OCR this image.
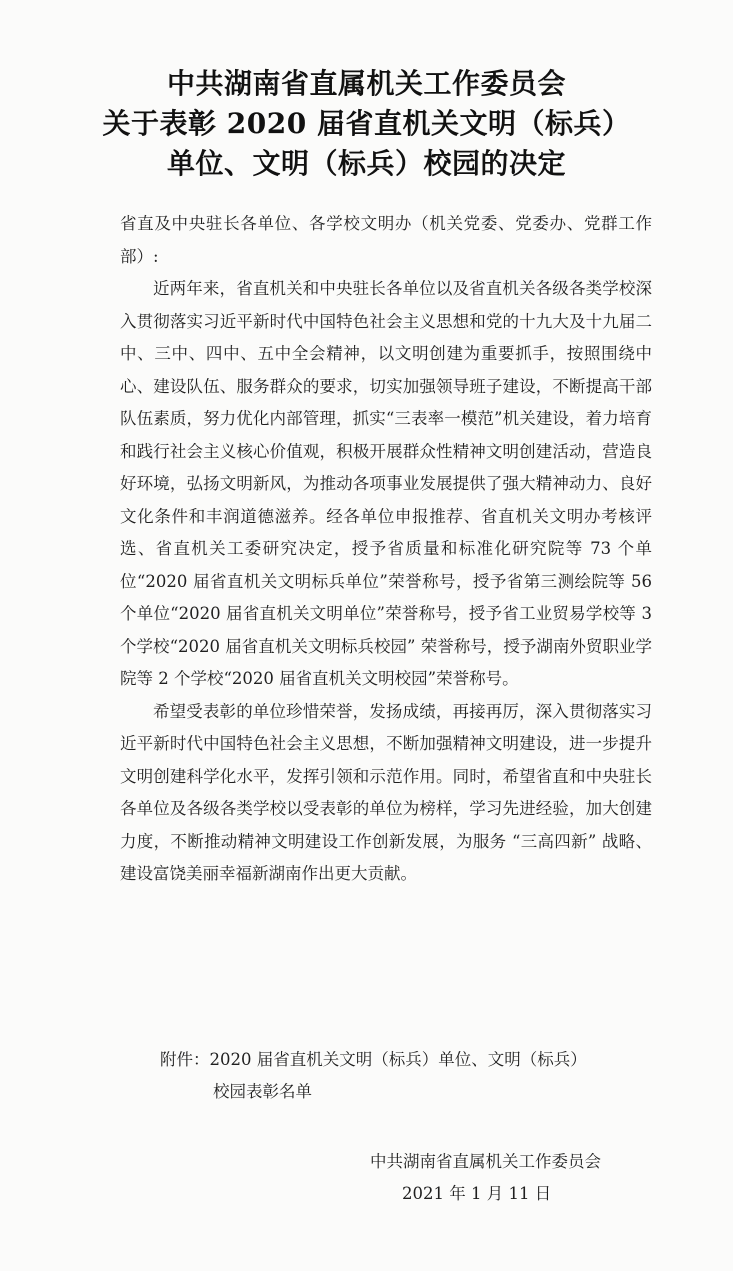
中共湖南省直属机关工作委员会
关于表彰 2020 届省直机关文明（标兵）
单位、文明（标兵）校园的决定

省直及中央驻长各单位、各学校文明办（机关党委、党委办、党群工作部）:

近两年来，省直机关和中央驻长各单位以及省直机关各级各类学校深入贯彻落实习近平新时代中国特色社会主义思想和党的十九大及十九届二中、三中、四中、五中全会精神，以文明创建为重要抓手，按照围绕中心、建设队伍、服务群众的要求，切实加强领导班子建设，不断提高干部队伍素质，努力优化内部管理，抓实“三表率一模范”机关建设，着力培育和践行社会主义核心价值观，积极开展群众性精神文明创建活动，营造良好环境，弘扬文明新风，为推动各项事业发展提供了强大精神动力、良好文化条件和丰润道德滋养。经各单位申报推荐、省直机关文明办考核评选、省直机关工委研究决定，授予省质量和标准化研究院等 73 个单位“2020 届省直机关文明标兵单位”荣誉称号，授予省第三测绘院等 56 个单位“2020 届省直机关文明单位”荣誉称号，授予省工业贸易学校等 3 个学校“2020 届省直机关文明标兵校园” 荣誉称号，授予湖南外贸职业学院等 2 个学校“2020 届省直机关文明校园”荣誉称号。

希望受表彰的单位珍惜荣誉，发扬成绩，再接再厉，深入贯彻落实习近平新时代中国特色社会主义思想，不断加强精神文明建设，进一步提升文明创建科学化水平，发挥引领和示范作用。同时，希望省直和中央驻长各单位及各级各类学校以受表彰的单位为榜样，学习先进经验，加大创建力度，不断推动精神文明建设工作创新发展，为服务 “三高四新” 战略、建设富饶美丽幸福新湖南作出更大贡献。

附件：2020 届省直机关文明（标兵）单位、文明（标兵）
校园表彰名单
中共湖南省直属机关工作委员会
2021 年 1 月 11 日
